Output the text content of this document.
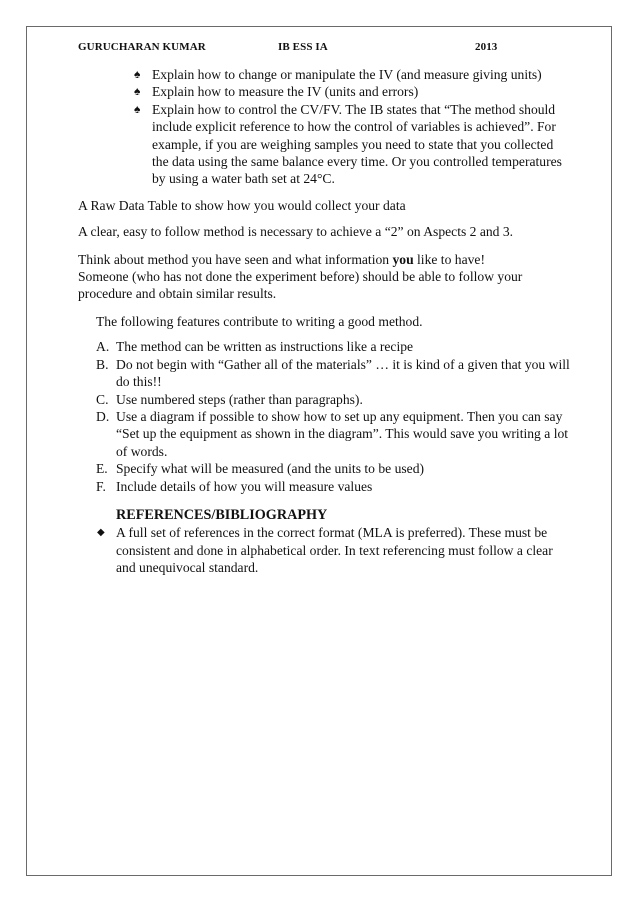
GURUCHARAN KUMAR	IB ESS IA	2013
♠ Explain how to change or manipulate the IV (and measure giving units)
♠ Explain how to measure the IV (units and errors)
♠ Explain how to control the CV/FV. The IB states that “The method should include explicit reference to how the control of variables is achieved”. For example, if you are weighing samples you need to state that you collected the data using the same balance every time. Or you controlled temperatures by using a water bath set at 24°C.
A Raw Data Table to show how you would collect your data
A clear, easy to follow method is necessary to achieve a “2” on Aspects 2 and 3.
Think about method you have seen and what information you like to have!
Someone (who has not done the experiment before) should be able to follow your procedure and obtain similar results.
The following features contribute to writing a good method.
A. The method can be written as instructions like a recipe
B. Do not begin with “Gather all of the materials” … it is kind of a given that you will do this!!
C. Use numbered steps (rather than paragraphs).
D. Use a diagram if possible to show how to set up any equipment. Then you can say “Set up the equipment as shown in the diagram”. This would save you writing a lot of words.
E. Specify what will be measured (and the units to be used)
F. Include details of how you will measure values
REFERENCES/BIBLIOGRAPHY
◆ A full set of references in the correct format (MLA is preferred). These must be consistent and done in alphabetical order. In text referencing must follow a clear and unequivocal standard.
